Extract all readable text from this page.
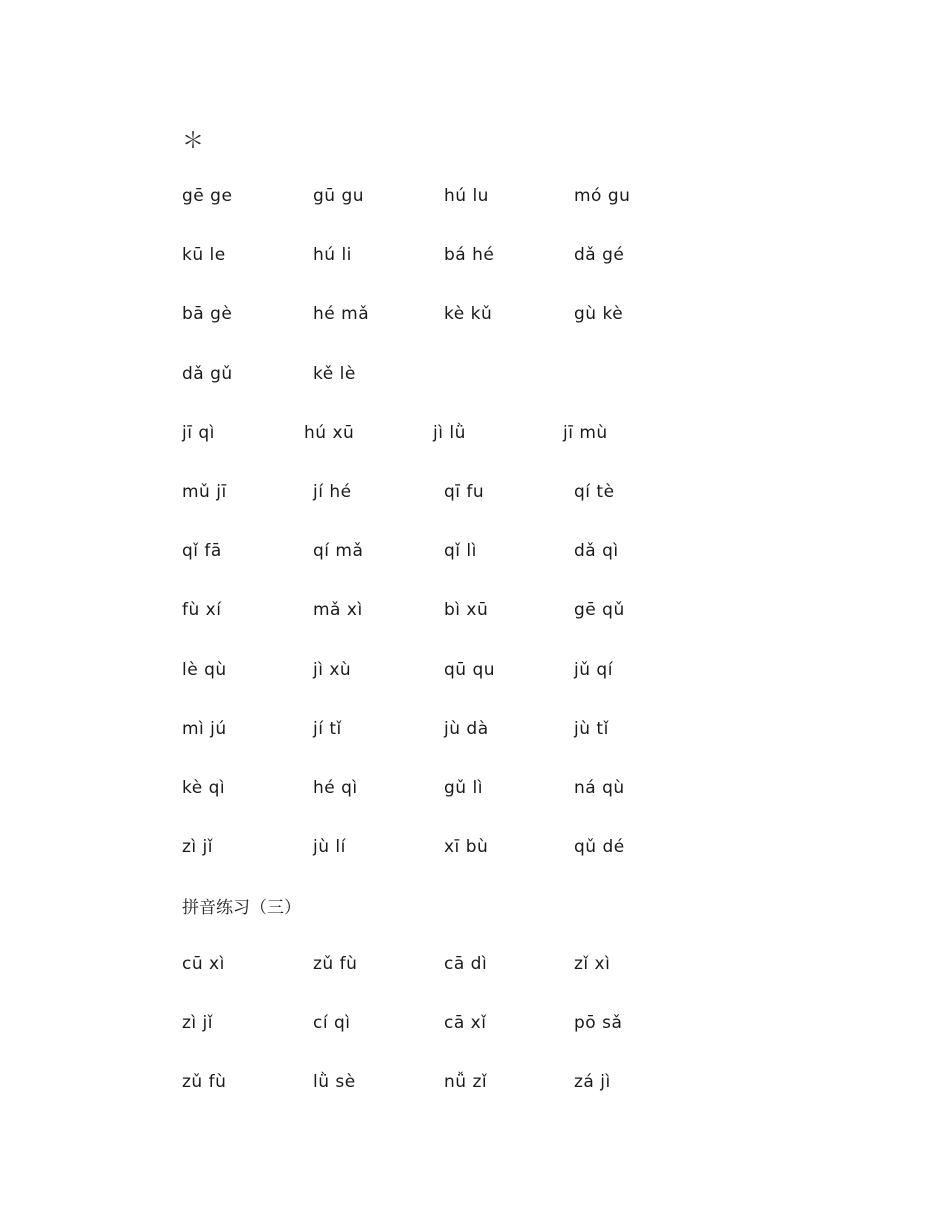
＊
gē ge	gū gu	hú lu	mó gu
kū le	hú li	bá hé	dǎ gé
bā gè	hé mǎ	kè kǔ	gù kè
dǎ gǔ	kě lè
jī qì	hú xū	jì lǜ	jī mù
mǔ jī	jí hé	qī fu	qí tè
qǐ fā	qí mǎ	qǐ lì	dǎ qì
fù xí	mǎ xì	bì xū	gē qǔ
lè qù	jì xù	qū qu	jǔ qí
mì jú	jí tǐ	jù dà	jù tǐ
kè qì	hé qì	gǔ lì	ná qù
zì jǐ	jù lí	xī bù	qǔ dé
拼音练习（三）
cū xì	zǔ fù	cā dì	zǐ xì
zì jǐ	cí qì	cā xǐ	pō sǎ
zǔ fù	lǜ sè	nǚ zǐ	zá jì
